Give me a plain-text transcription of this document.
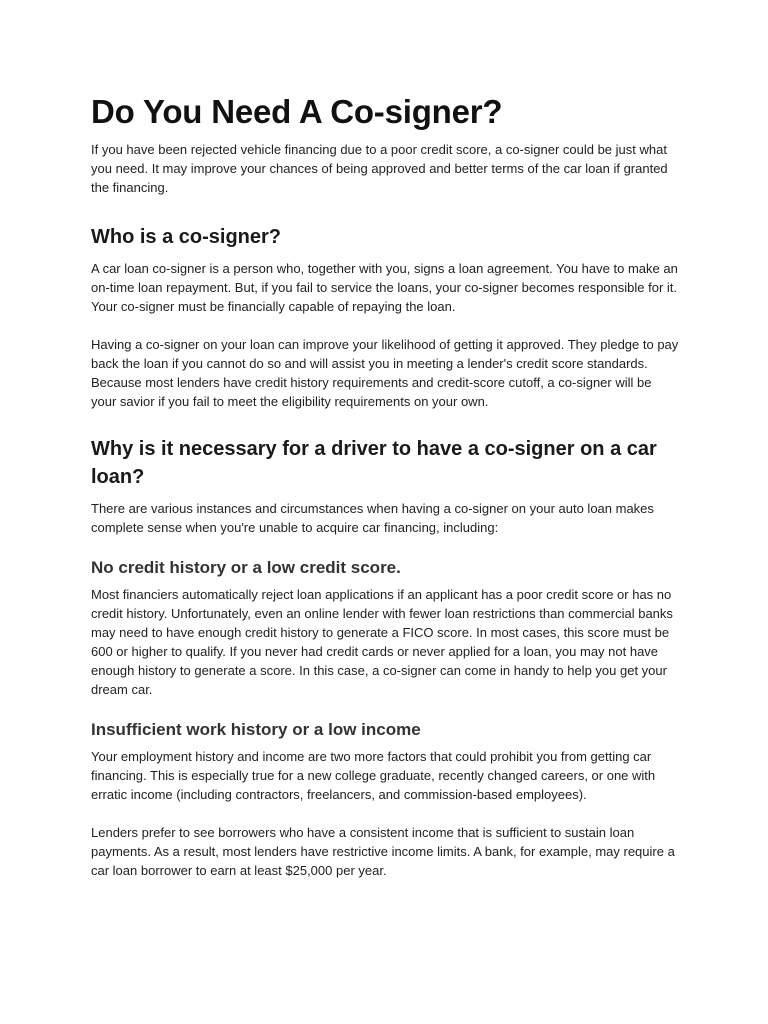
Do You Need A Co-signer?

If you have been rejected vehicle financing due to a poor credit score, a co-signer could be just what you need. It may improve your chances of being approved and better terms of the car loan if granted the financing.

Who is a co-signer?

A car loan co-signer is a person who, together with you, signs a loan agreement. You have to make an on-time loan repayment. But, if you fail to service the loans, your co-signer becomes responsible for it. Your co-signer must be financially capable of repaying the loan.

Having a co-signer on your loan can improve your likelihood of getting it approved. They pledge to pay back the loan if you cannot do so and will assist you in meeting a lender's credit score standards. Because most lenders have credit history requirements and credit-score cutoff, a co-signer will be your savior if you fail to meet the eligibility requirements on your own.

Why is it necessary for a driver to have a co-signer on a car loan?

There are various instances and circumstances when having a co-signer on your auto loan makes complete sense when you're unable to acquire car financing, including:

No credit history or a low credit score.

Most financiers automatically reject loan applications if an applicant has a poor credit score or has no credit history. Unfortunately, even an online lender with fewer loan restrictions than commercial banks may need to have enough credit history to generate a FICO score. In most cases, this score must be 600 or higher to qualify. If you never had credit cards or never applied for a loan, you may not have enough history to generate a score. In this case, a co-signer can come in handy to help you get your dream car.

Insufficient work history or a low income

Your employment history and income are two more factors that could prohibit you from getting car financing. This is especially true for a new college graduate, recently changed careers, or one with erratic income (including contractors, freelancers, and commission-based employees).

Lenders prefer to see borrowers who have a consistent income that is sufficient to sustain loan payments. As a result, most lenders have restrictive income limits. A bank, for example, may require a car loan borrower to earn at least $25,000 per year.
